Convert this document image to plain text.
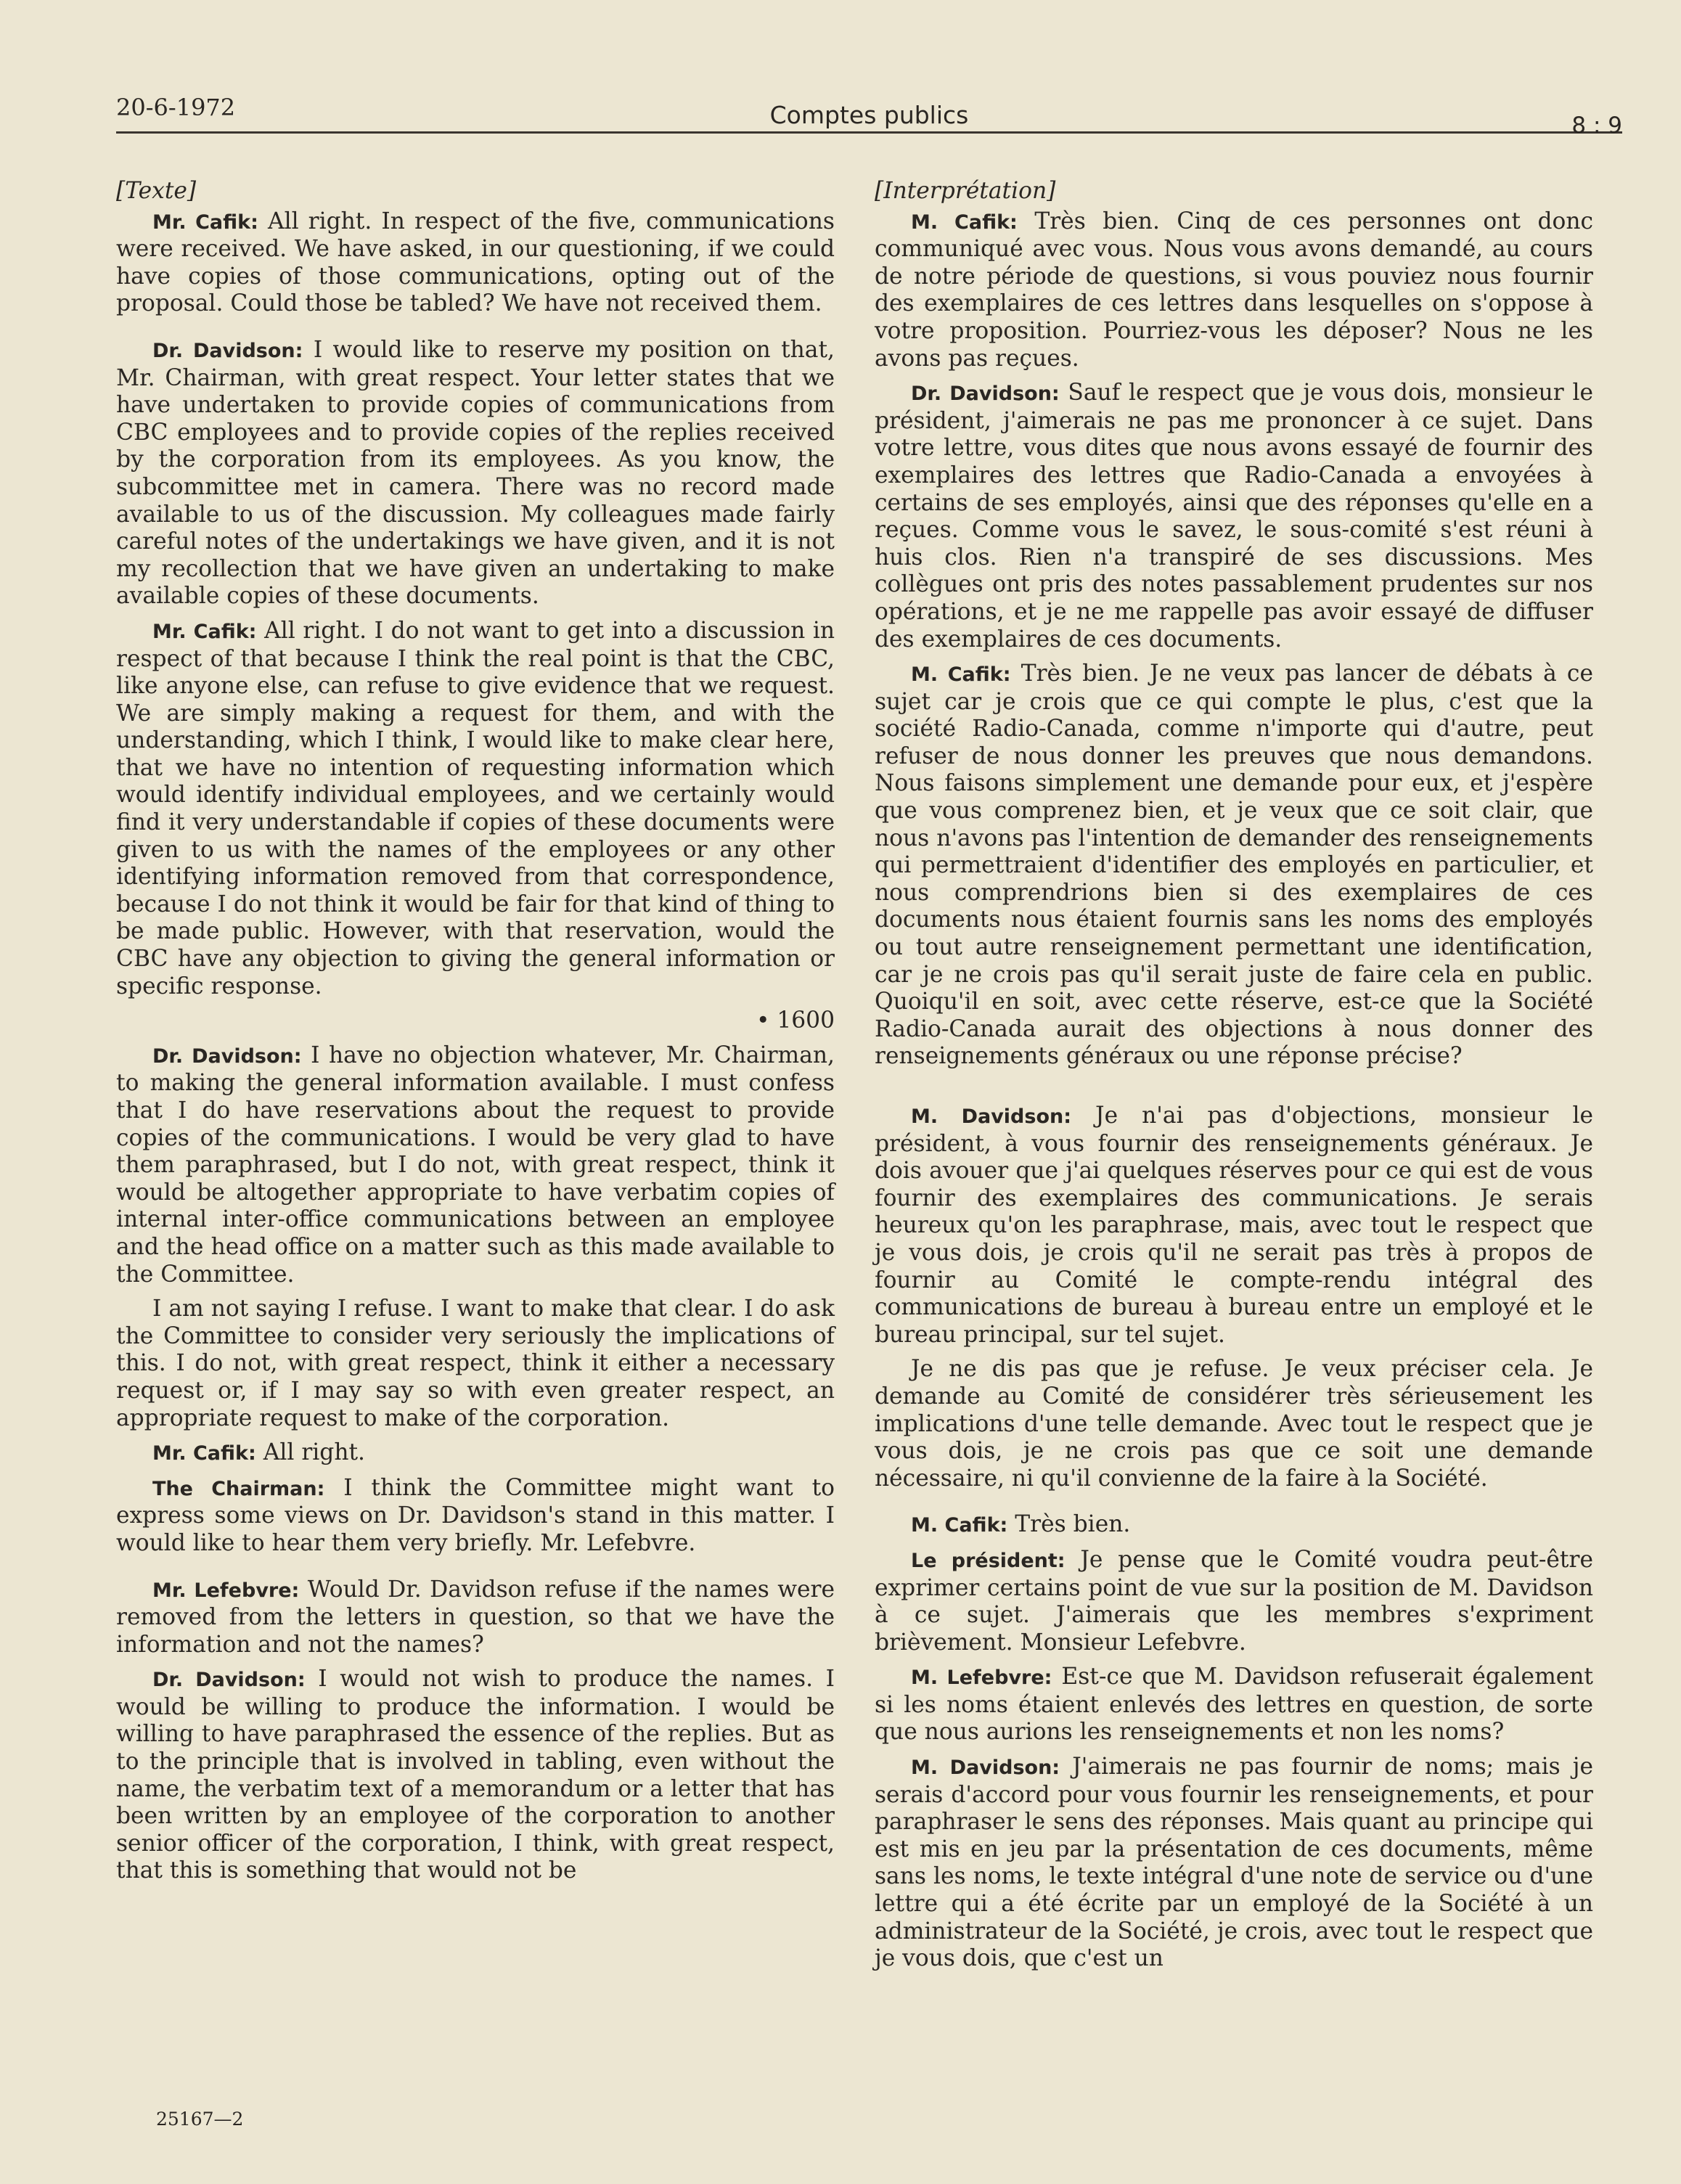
20-6-1972	Comptes publics	8 : 9

[Texte]

Mr. Cafik: All right. In respect of the five, communications were received. We have asked, in our questioning, if we could have copies of those communications, opting out of the proposal. Could those be tabled? We have not received them.

Dr. Davidson: I would like to reserve my position on that, Mr. Chairman, with great respect. Your letter states that we have undertaken to provide copies of communications from CBC employees and to provide copies of the replies received by the corporation from its employees. As you know, the subcommittee met in camera. There was no record made available to us of the discussion. My colleagues made fairly careful notes of the undertakings we have given, and it is not my recollection that we have given an undertaking to make available copies of these documents.

Mr. Cafik: All right. I do not want to get into a discussion in respect of that because I think the real point is that the CBC, like anyone else, can refuse to give evidence that we request. We are simply making a request for them, and with the understanding, which I think, I would like to make clear here, that we have no intention of requesting information which would identify individual employees, and we certainly would find it very understandable if copies of these documents were given to us with the names of the employees or any other identifying information removed from that correspondence, because I do not think it would be fair for that kind of thing to be made public. However, with that reservation, would the CBC have any objection to giving the general information or specific response.

• 1600

Dr. Davidson: I have no objection whatever, Mr. Chairman, to making the general information available. I must confess that I do have reservations about the request to provide copies of the communications. I would be very glad to have them paraphrased, but I do not, with great respect, think it would be altogether appropriate to have verbatim copies of internal inter-office communications between an employee and the head office on a matter such as this made available to the Committee.

I am not saying I refuse. I want to make that clear. I do ask the Committee to consider very seriously the implications of this. I do not, with great respect, think it either a necessary request or, if I may say so with even greater respect, an appropriate request to make of the corporation.

Mr. Cafik: All right.

The Chairman: I think the Committee might want to express some views on Dr. Davidson's stand in this matter. I would like to hear them very briefly. Mr. Lefebvre.

Mr. Lefebvre: Would Dr. Davidson refuse if the names were removed from the letters in question, so that we have the information and not the names?

Dr. Davidson: I would not wish to produce the names. I would be willing to produce the information. I would be willing to have paraphrased the essence of the replies. But as to the principle that is involved in tabling, even without the name, the verbatim text of a memorandum or a letter that has been written by an employee of the corporation to another senior officer of the corporation, I think, with great respect, that this is something that would not be

[Interprétation]

M. Cafik: Très bien. Cinq de ces personnes ont donc communiqué avec vous. Nous vous avons demandé, au cours de notre période de questions, si vous pouviez nous fournir des exemplaires de ces lettres dans lesquelles on s'oppose à votre proposition. Pourriez-vous les déposer? Nous ne les avons pas reçues.

Dr. Davidson: Sauf le respect que je vous dois, monsieur le président, j'aimerais ne pas me prononcer à ce sujet. Dans votre lettre, vous dites que nous avons essayé de fournir des exemplaires des lettres que Radio-Canada a envoyées à certains de ses employés, ainsi que des réponses qu'elle en a reçues. Comme vous le savez, le sous-comité s'est réuni à huis clos. Rien n'a transpiré de ses discussions. Mes collègues ont pris des notes passablement prudentes sur nos opérations, et je ne me rappelle pas avoir essayé de diffuser des exemplaires de ces documents.

M. Cafik: Très bien. Je ne veux pas lancer de débats à ce sujet car je crois que ce qui compte le plus, c'est que la société Radio-Canada, comme n'importe qui d'autre, peut refuser de nous donner les preuves que nous demandons. Nous faisons simplement une demande pour eux, et j'espère que vous comprenez bien, et je veux que ce soit clair, que nous n'avons pas l'intention de demander des renseignements qui permettraient d'identifier des employés en particulier, et nous comprendrions bien si des exemplaires de ces documents nous étaient fournis sans les noms des employés ou tout autre renseignement permettant une identification, car je ne crois pas qu'il serait juste de faire cela en public. Quoiqu'il en soit, avec cette réserve, est-ce que la Société Radio-Canada aurait des objections à nous donner des renseignements généraux ou une réponse précise?

M. Davidson: Je n'ai pas d'objections, monsieur le président, à vous fournir des renseignements généraux. Je dois avouer que j'ai quelques réserves pour ce qui est de vous fournir des exemplaires des communications. Je serais heureux qu'on les paraphrase, mais, avec tout le respect que je vous dois, je crois qu'il ne serait pas très à propos de fournir au Comité le compte-rendu intégral des communications de bureau à bureau entre un employé et le bureau principal, sur tel sujet.

Je ne dis pas que je refuse. Je veux préciser cela. Je demande au Comité de considérer très sérieusement les implications d'une telle demande. Avec tout le respect que je vous dois, je ne crois pas que ce soit une demande nécessaire, ni qu'il convienne de la faire à la Société.

M. Cafik: Très bien.

Le président: Je pense que le Comité voudra peut-être exprimer certains point de vue sur la position de M. Davidson à ce sujet. J'aimerais que les membres s'expriment brièvement. Monsieur Lefebvre.

M. Lefebvre: Est-ce que M. Davidson refuserait également si les noms étaient enlevés des lettres en question, de sorte que nous aurions les renseignements et non les noms?

M. Davidson: J'aimerais ne pas fournir de noms; mais je serais d'accord pour vous fournir les renseignements, et pour paraphraser le sens des réponses. Mais quant au principe qui est mis en jeu par la présentation de ces documents, même sans les noms, le texte intégral d'une note de service ou d'une lettre qui a été écrite par un employé de la Société à un administrateur de la Société, je crois, avec tout le respect que je vous dois, que c'est un

25167—2
